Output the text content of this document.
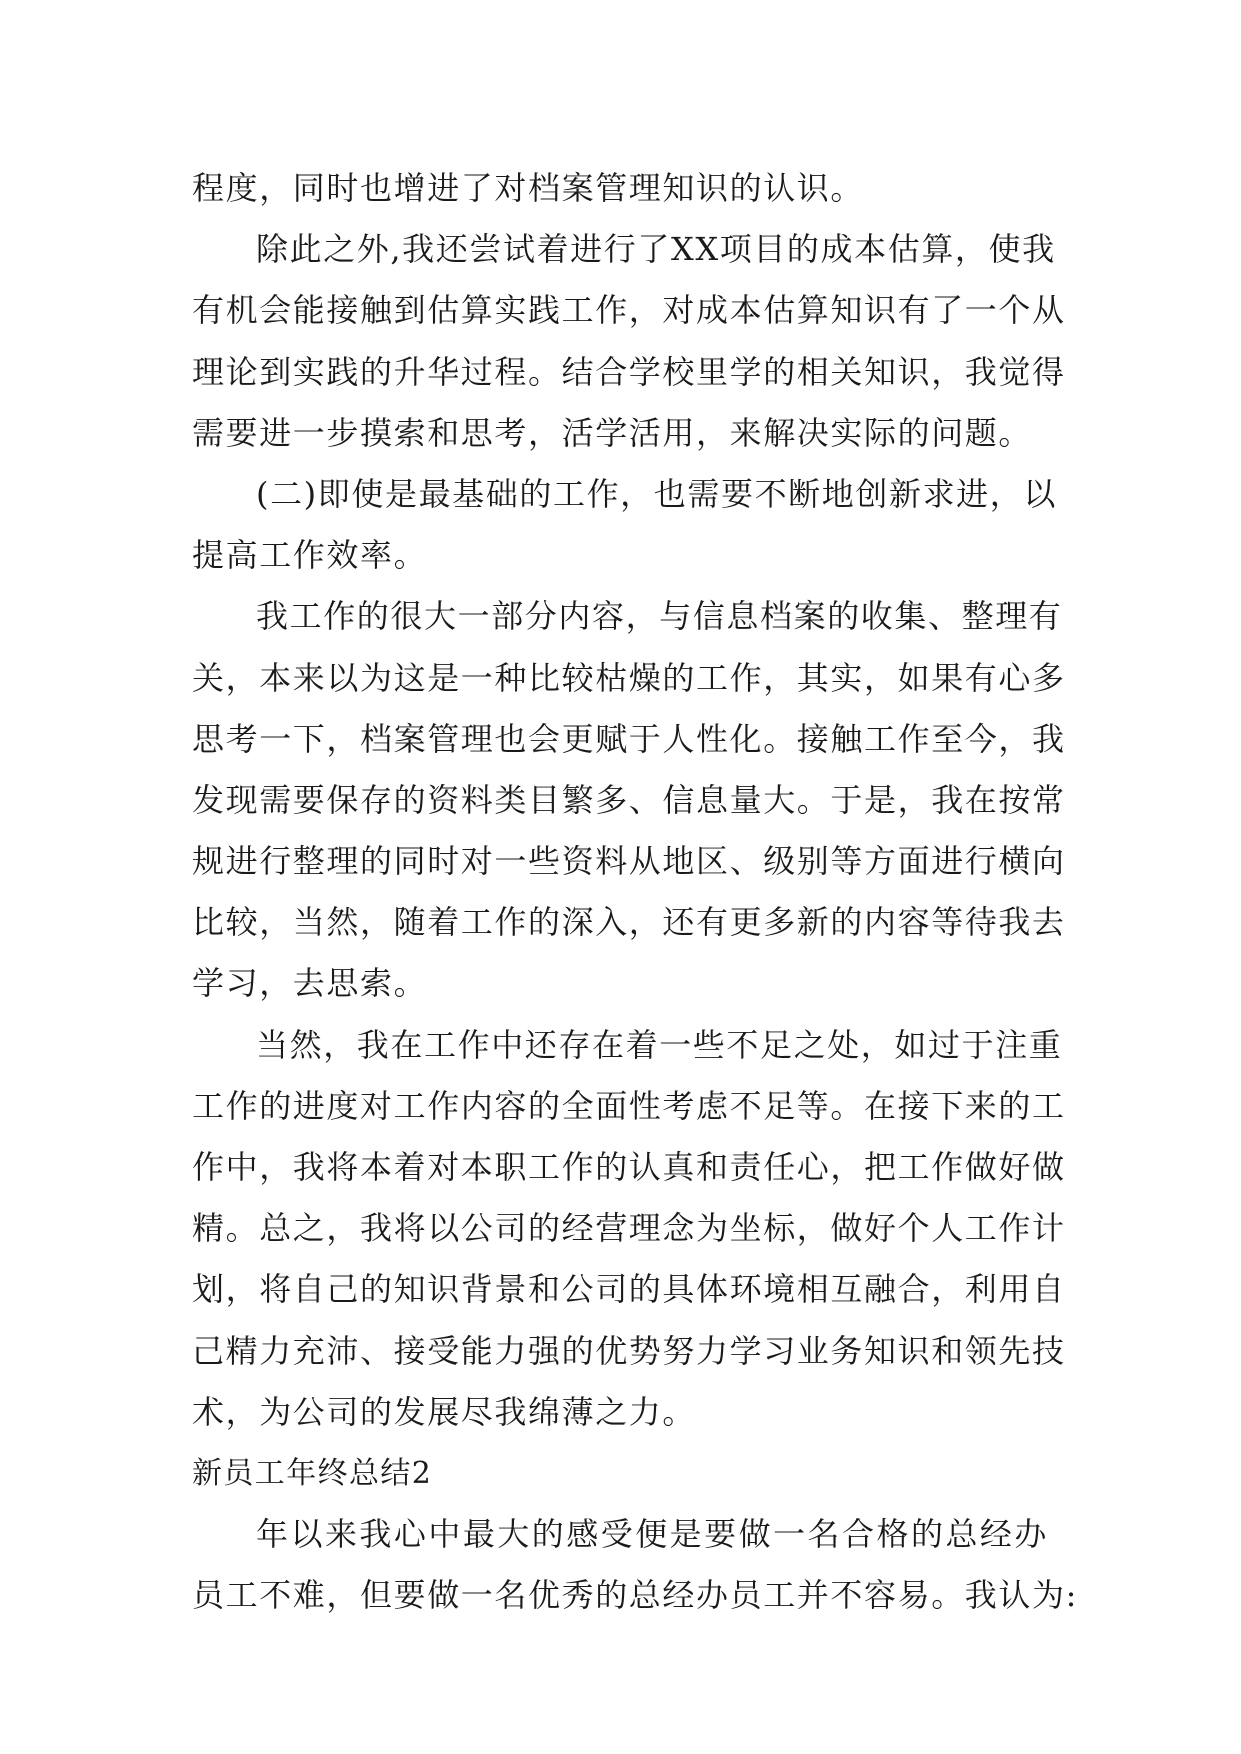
程度，同时也增进了对档案管理知识的认识。
除此之外,我还尝试着进行了XX项目的成本估算，使我
有机会能接触到估算实践工作，对成本估算知识有了一个从
理论到实践的升华过程。结合学校里学的相关知识，我觉得
需要进一步摸索和思考，活学活用，来解决实际的问题。
(二)即使是最基础的工作，也需要不断地创新求进，以
提高工作效率。
我工作的很大一部分内容，与信息档案的收集、整理有
关，本来以为这是一种比较枯燥的工作，其实，如果有心多
思考一下，档案管理也会更赋于人性化。接触工作至今，我
发现需要保存的资料类目繁多、信息量大。于是，我在按常
规进行整理的同时对一些资料从地区、级别等方面进行横向
比较，当然，随着工作的深入，还有更多新的内容等待我去
学习，去思索。
当然，我在工作中还存在着一些不足之处，如过于注重
工作的进度对工作内容的全面性考虑不足等。在接下来的工
作中，我将本着对本职工作的认真和责任心，把工作做好做
精。总之，我将以公司的经营理念为坐标，做好个人工作计
划，将自己的知识背景和公司的具体环境相互融合，利用自
己精力充沛、接受能力强的优势努力学习业务知识和领先技
术，为公司的发展尽我绵薄之力。
新员工年终总结2
年以来我心中最大的感受便是要做一名合格的总经办
员工不难，但要做一名优秀的总经办员工并不容易。我认为:
